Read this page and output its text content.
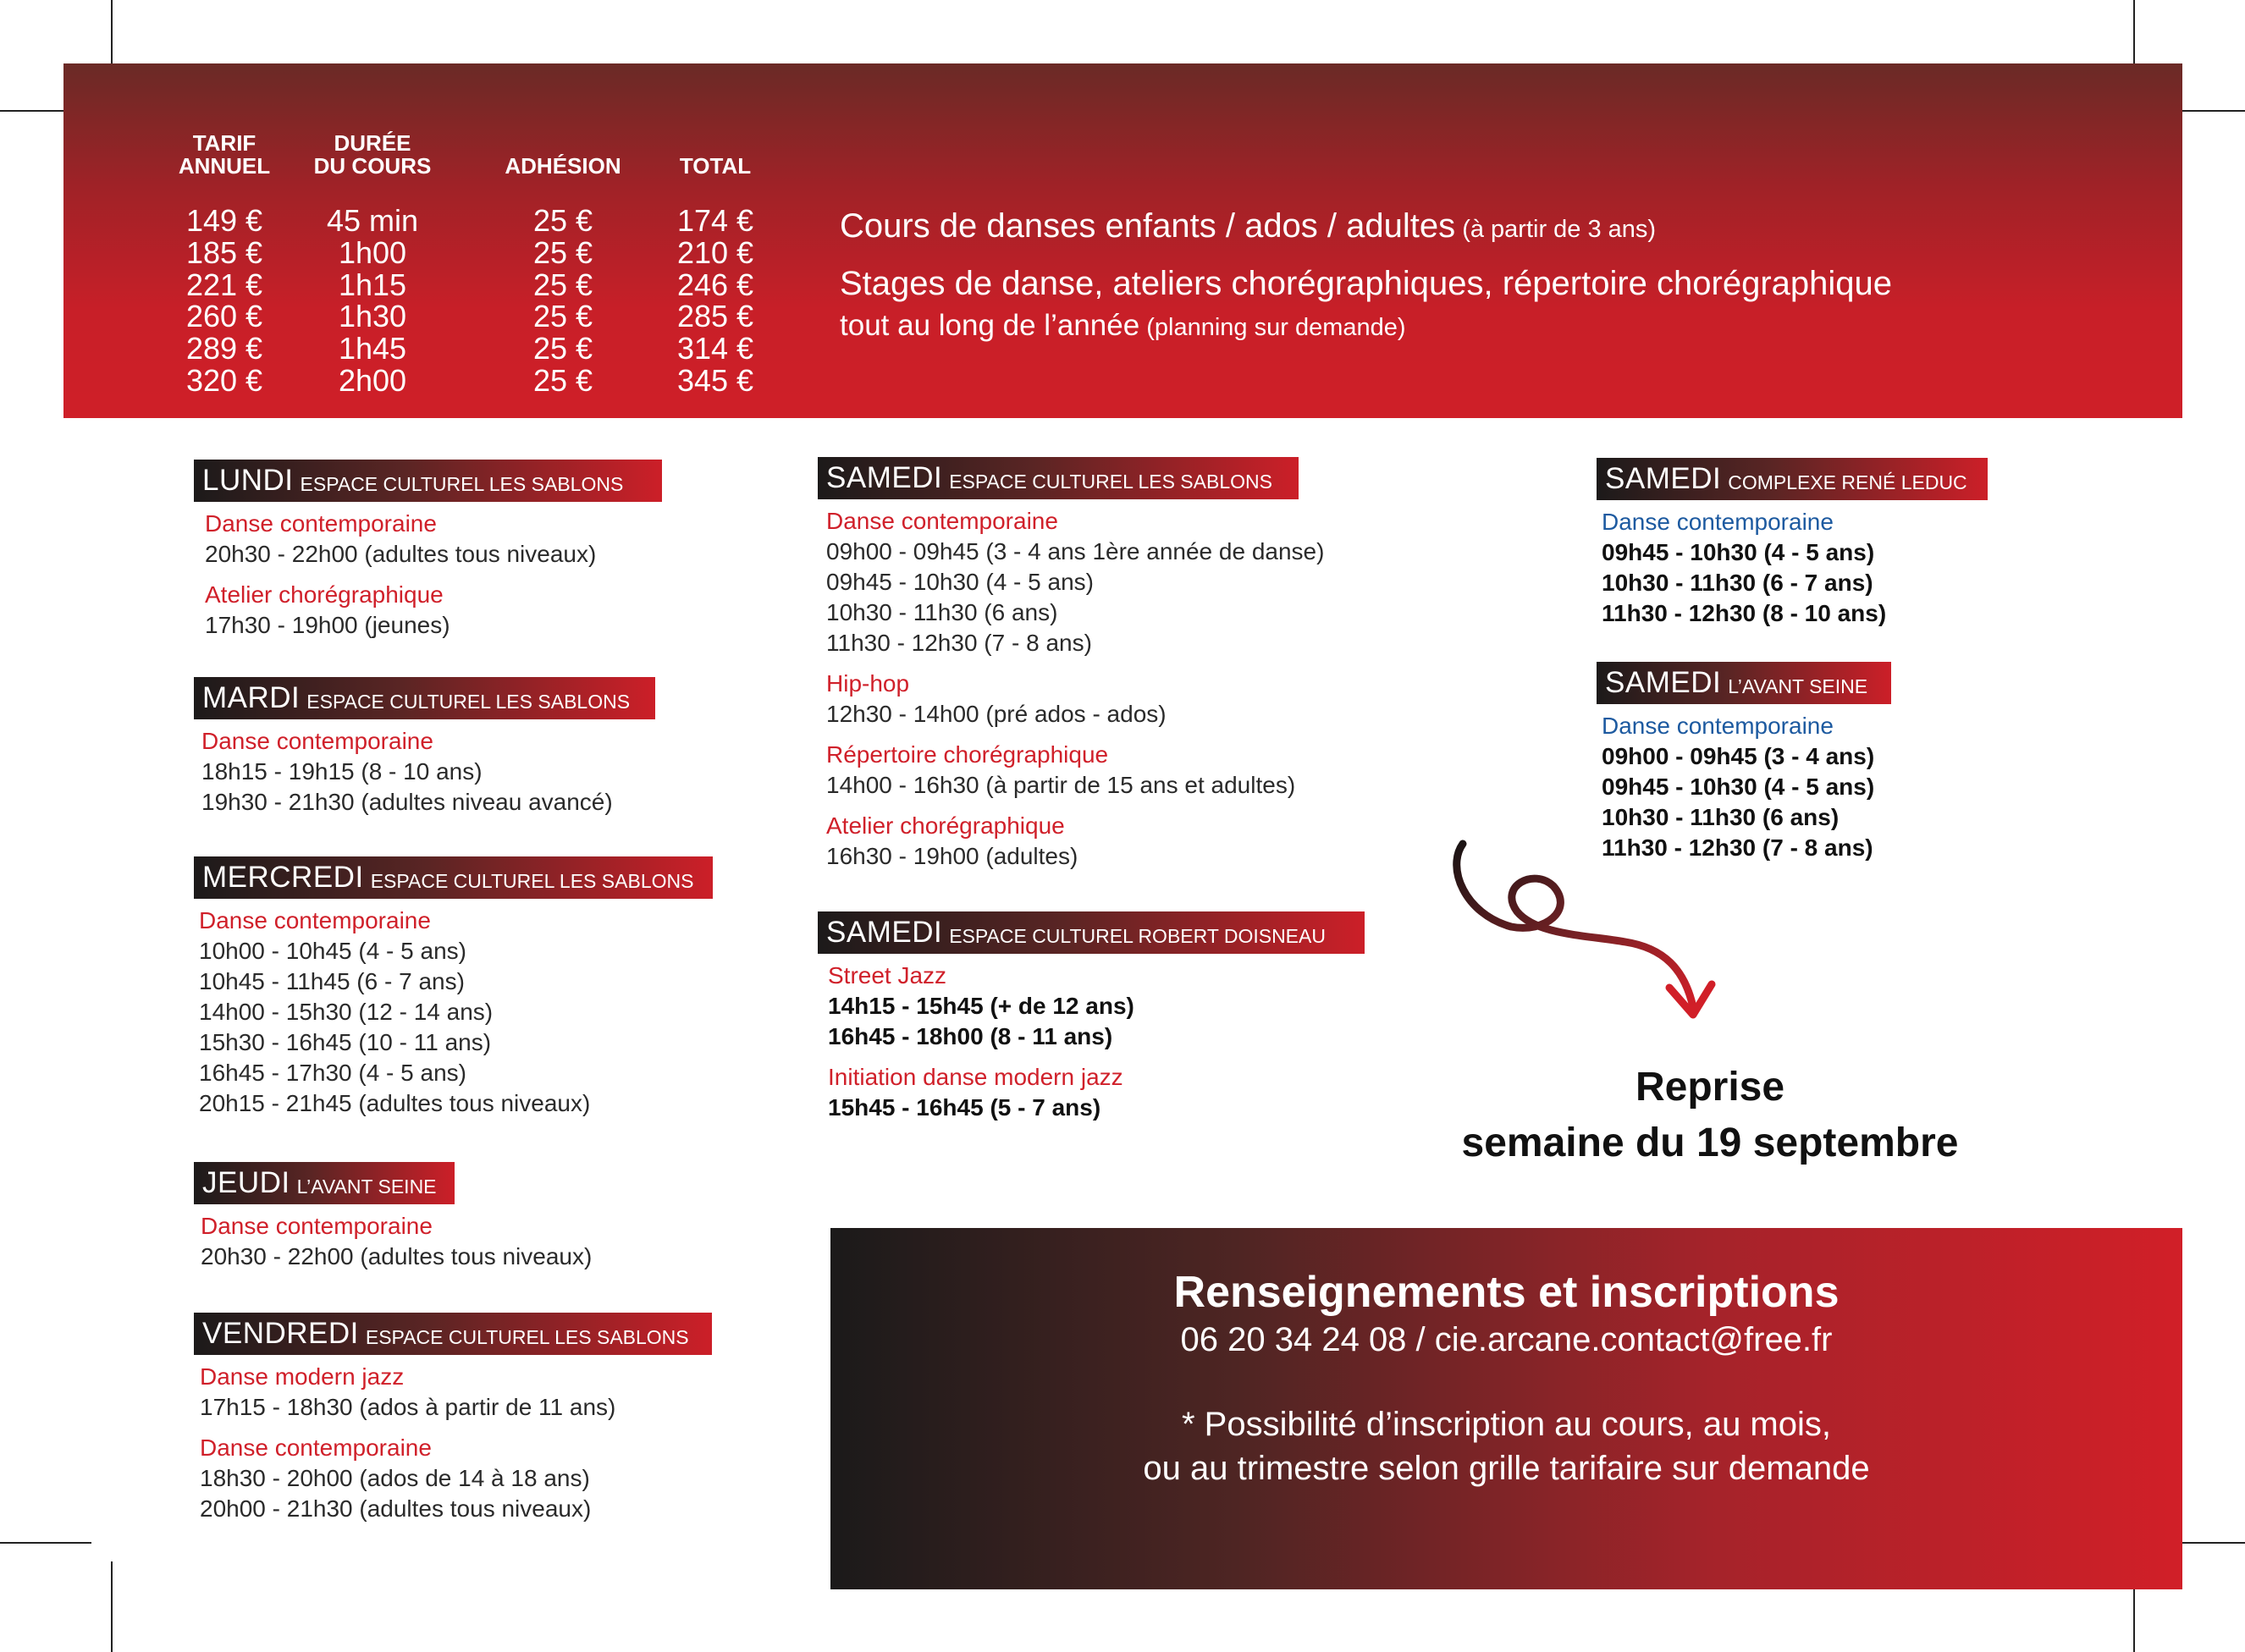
TARIF
ANNUEL
149 €
185 €
221 €
260 €
289 €
320 €
DURÉE
DU COURS
45 min
1h00
1h15
1h30
1h45
2h00
ADHÉSION
25 €
25 €
25 €
25 €
25 €
25 €
TOTAL
174 €
210 €
246 €
285 €
314 €
345 €
Cours de danses enfants / ados / adultes (à partir de 3 ans)
Stages de danse, ateliers chorégraphiques, répertoire chorégraphique
tout au long de l’année (planning sur demande)
LUNDI ESPACE CULTUREL LES SABLONS
Danse contemporaine
20h30 - 22h00 (adultes tous niveaux)
Atelier chorégraphique
17h30 - 19h00 (jeunes)
MARDI ESPACE CULTUREL LES SABLONS
Danse contemporaine
18h15 - 19h15 (8 - 10 ans)
19h30 - 21h30 (adultes niveau avancé)
MERCREDI ESPACE CULTUREL LES SABLONS
Danse contemporaine
10h00 - 10h45 (4 - 5 ans)
10h45 - 11h45 (6 - 7 ans)
14h00 - 15h30 (12 - 14 ans)
15h30 - 16h45 (10 - 11 ans)
16h45 - 17h30 (4 - 5 ans)
20h15 - 21h45 (adultes tous niveaux)
JEUDI L’AVANT SEINE
Danse contemporaine
20h30 - 22h00 (adultes tous niveaux)
VENDREDI ESPACE CULTUREL LES SABLONS
Danse modern jazz
17h15 - 18h30 (ados à partir de 11 ans)
Danse contemporaine
18h30 - 20h00 (ados de 14 à 18 ans)
20h00 - 21h30 (adultes tous niveaux)
SAMEDI ESPACE CULTUREL LES SABLONS
Danse contemporaine
09h00 - 09h45 (3 - 4 ans 1ère année de danse)
09h45 - 10h30 (4 - 5 ans)
10h30 - 11h30 (6 ans)
11h30 - 12h30 (7 - 8 ans)
Hip-hop
12h30 - 14h00 (pré ados - ados)
Répertoire chorégraphique
14h00 - 16h30 (à partir de 15 ans et adultes)
Atelier chorégraphique
16h30 - 19h00 (adultes)
SAMEDI ESPACE CULTUREL ROBERT DOISNEAU
Street Jazz
14h15 - 15h45 (+ de 12 ans)
16h45 - 18h00 (8 - 11 ans)
Initiation danse modern jazz
15h45 - 16h45 (5 - 7 ans)
SAMEDI COMPLEXE RENÉ LEDUC
Danse contemporaine
09h45 - 10h30 (4 - 5 ans)
10h30 - 11h30 (6 - 7 ans)
11h30 - 12h30 (8 - 10 ans)
SAMEDI L’AVANT SEINE
Danse contemporaine
09h00 - 09h45 (3 - 4 ans)
09h45 - 10h30 (4 - 5 ans)
10h30 - 11h30 (6 ans)
11h30 - 12h30 (7 - 8 ans)
Reprise
semaine du 19 septembre
Renseignements et inscriptions
06 20 34 24 08 / cie.arcane.contact@free.fr
* Possibilité d’inscription au cours, au mois,
ou au trimestre selon grille tarifaire sur demande
